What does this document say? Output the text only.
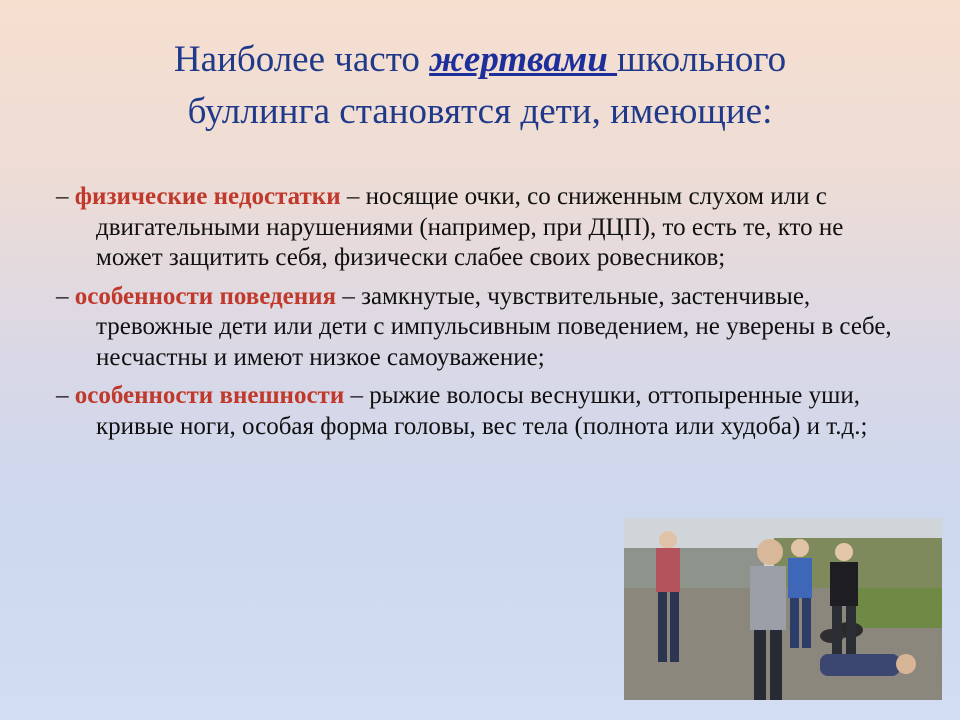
Наиболее часто жертвами школьного
буллинга становятся дети, имеющие:

– физические недостатки – носящие очки, со сниженным слухом или с двигательными нарушениями (например, при ДЦП), то есть те, кто не может защитить себя, физически слабее своих ровесников;

– особенности поведения – замкнутые, чувствительные, застенчивые, тревожные дети или дети с импульсивным поведением, не уверены в себе, несчастны и имеют низкое самоуважение;

– особенности внешности – рыжие волосы веснушки, оттопыренные уши, кривые ноги, особая форма головы, вес тела (полнота или худоба) и т.д.;
